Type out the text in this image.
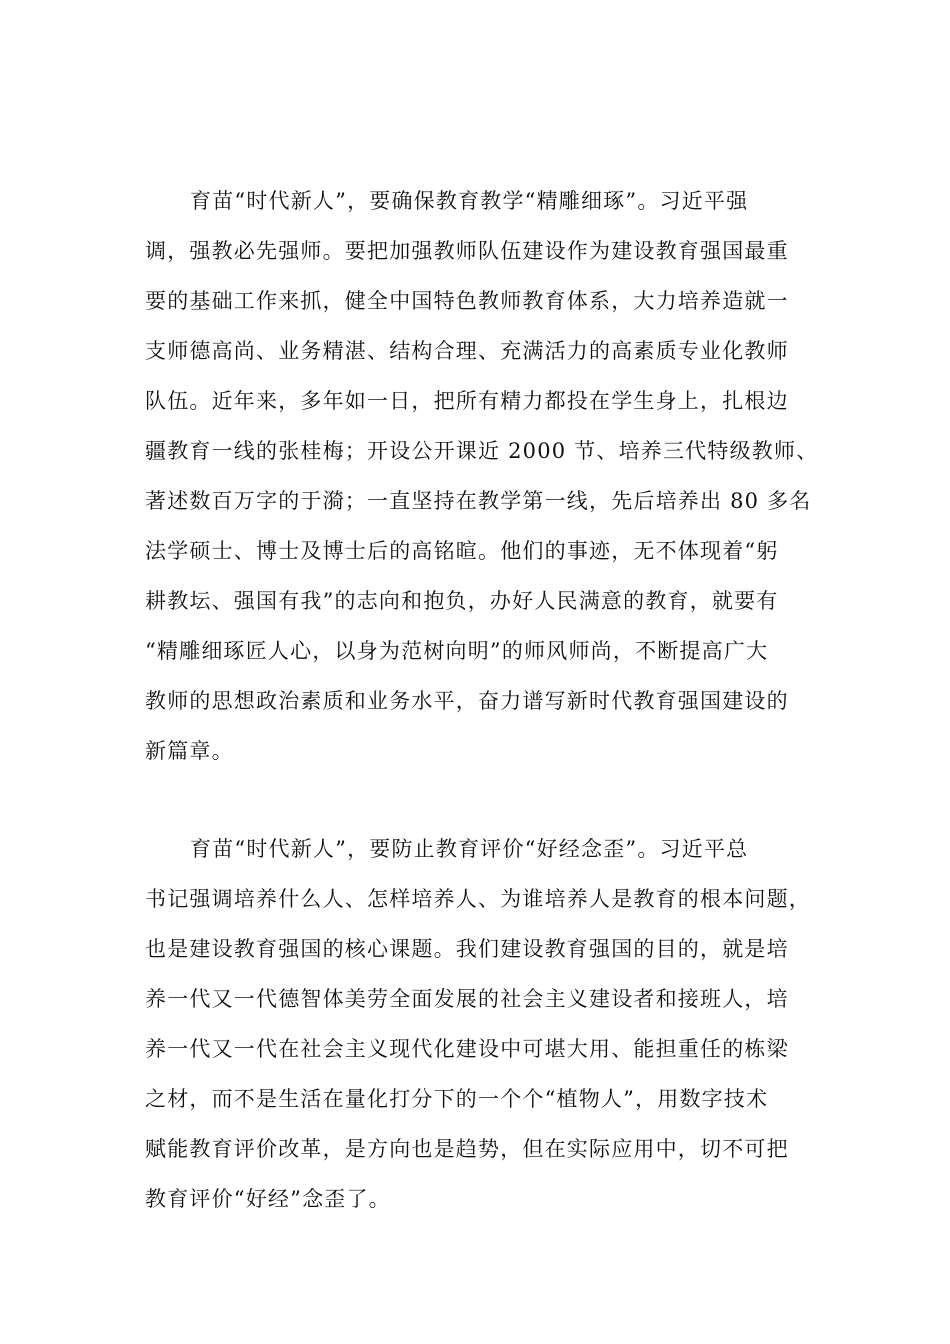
育苗“时代新人”，要确保教育教学“精雕细琢”。习近平强
调，强教必先强师。要把加强教师队伍建设作为建设教育强国最重
要的基础工作来抓，健全中国特色教师教育体系，大力培养造就一
支师德高尚、业务精湛、结构合理、充满活力的高素质专业化教师
队伍。近年来，多年如一日，把所有精力都投在学生身上，扎根边
疆教育一线的张桂梅；开设公开课近 2000 节、培养三代特级教师、
著述数百万字的于漪；一直坚持在教学第一线，先后培养出 80 多名
法学硕士、博士及博士后的高铭暄。他们的事迹，无不体现着“躬
耕教坛、强国有我”的志向和抱负，办好人民满意的教育，就要有
“精雕细琢匠人心，以身为范树向明”的师风师尚，不断提高广大
教师的思想政治素质和业务水平，奋力谱写新时代教育强国建设的
新篇章。
育苗“时代新人”，要防止教育评价“好经念歪”。习近平总
书记强调培养什么人、怎样培养人、为谁培养人是教育的根本问题，
也是建设教育强国的核心课题。我们建设教育强国的目的，就是培
养一代又一代德智体美劳全面发展的社会主义建设者和接班人，培
养一代又一代在社会主义现代化建设中可堪大用、能担重任的栋梁
之材，而不是生活在量化打分下的一个个“植物人”，用数字技术
赋能教育评价改革，是方向也是趋势，但在实际应用中，切不可把
教育评价“好经”念歪了。
